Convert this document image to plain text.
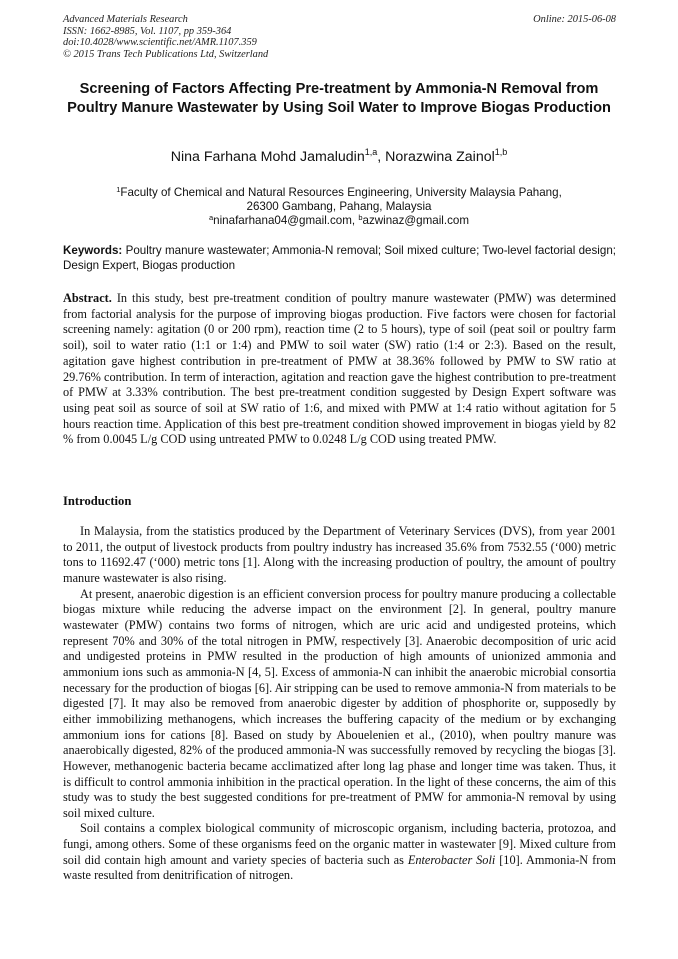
Advanced Materials Research
ISSN: 1662-8985, Vol. 1107, pp 359-364
doi:10.4028/www.scientific.net/AMR.1107.359
© 2015 Trans Tech Publications Ltd, Switzerland
Online: 2015-06-08
Screening of Factors Affecting Pre-treatment by Ammonia-N Removal from Poultry Manure Wastewater by Using Soil Water to Improve Biogas Production
Nina Farhana Mohd Jamaludin$^{1,a}$, Norazwina Zainol$^{1,b}$
$^1$Faculty of Chemical and Natural Resources Engineering, University Malaysia Pahang,
26300 Gambang, Pahang, Malaysia
$^a$ninafarhana04@gmail.com, $^b$azwinaz@gmail.com
Keywords: Poultry manure wastewater; Ammonia-N removal; Soil mixed culture; Two-level factorial design; Design Expert, Biogas production
Abstract. In this study, best pre-treatment condition of poultry manure wastewater (PMW) was determined from factorial analysis for the purpose of improving biogas production. Five factors were chosen for factorial screening namely: agitation (0 or 200 rpm), reaction time (2 to 5 hours), type of soil (peat soil or poultry farm soil), soil to water ratio (1:1 or 1:4) and PMW to soil water (SW) ratio (1:4 or 2:3). Based on the result, agitation gave highest contribution in pre-treatment of PMW at 38.36% followed by PMW to SW ratio at 29.76% contribution. In term of interaction, agitation and reaction gave the highest contribution to pre-treatment of PMW at 3.33% contribution. The best pre-treatment condition suggested by Design Expert software was using peat soil as source of soil at SW ratio of 1:6, and mixed with PMW at 1:4 ratio without agitation for 5 hours reaction time. Application of this best pre-treatment condition showed improvement in biogas yield by 82 % from 0.0045 L/g COD using untreated PMW to 0.0248 L/g COD using treated PMW.
Introduction

In Malaysia, from the statistics produced by the Department of Veterinary Services (DVS), from year 2001 to 2011, the output of livestock products from poultry industry has increased 35.6% from 7532.55 (‘000) metric tons to 11692.47 (‘000) metric tons [1]. Along with the increasing production of poultry, the amount of poultry manure wastewater is also rising.

At present, anaerobic digestion is an efficient conversion process for poultry manure producing a collectable biogas mixture while reducing the adverse impact on the environment [2]. In general, poultry manure wastewater (PMW) contains two forms of nitrogen, which are uric acid and undigested proteins, which represent 70% and 30% of the total nitrogen in PMW, respectively [3]. Anaerobic decomposition of uric acid and undigested proteins in PMW resulted in the production of high amounts of unionized ammonia and ammonium ions such as ammonia-N [4, 5]. Excess of ammonia-N can inhibit the anaerobic microbial consortia necessary for the production of biogas [6]. Air stripping can be used to remove ammonia-N from materials to be digested [7]. It may also be removed from anaerobic digester by addition of phosphorite or, supposedly by either immobilizing methanogens, which increases the buffering capacity of the medium or by exchanging ammonium ions for cations [8]. Based on study by Abouelenien et al., (2010), when poultry manure was anaerobically digested, 82% of the produced ammonia-N was successfully removed by recycling the biogas [3]. However, methanogenic bacteria became acclimatized after long lag phase and longer time was taken. Thus, it is difficult to control ammonia inhibition in the practical operation. In the light of these concerns, the aim of this study was to study the best suggested conditions for pre-treatment of PMW for ammonia-N removal by using soil mixed culture.

Soil contains a complex biological community of microscopic organism, including bacteria, protozoa, and fungi, among others. Some of these organisms feed on the organic matter in wastewater [9]. Mixed culture from soil did contain high amount and variety species of bacteria such as Enterobacter Soli [10]. Ammonia-N from waste resulted from denitrification of nitrogen.
